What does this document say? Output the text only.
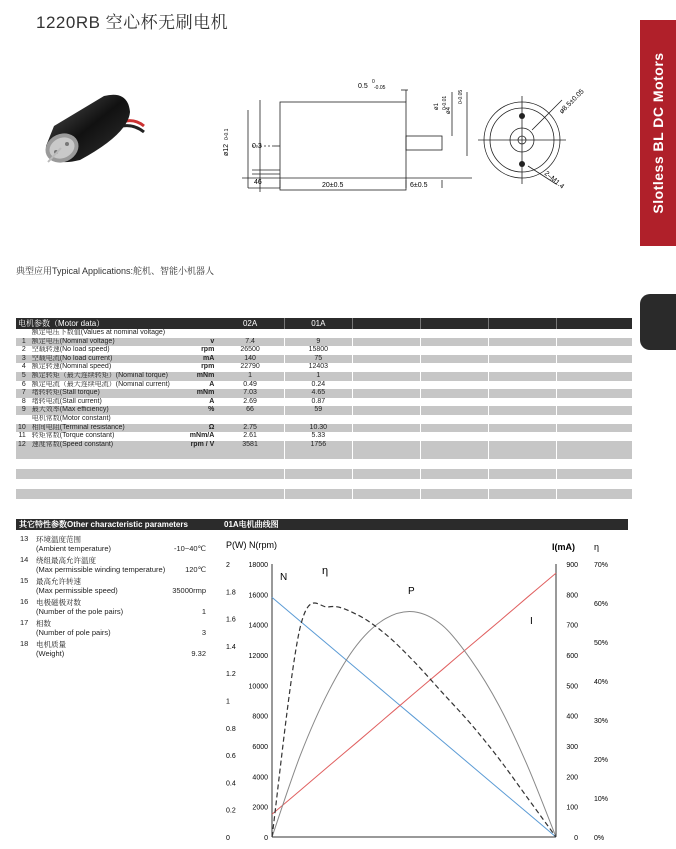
1220RB 空心杯无刷电机
Slotless BL DC Motors
0.5
0
-0.05
ø12
0-0.1
0.3
46	20±0.5	6±0.5
ø4
0-0.05
ø1 0-0.01	ø8.5±0.05
2–M1.4
典型应用Typical Applications:舵机、智能小机器人
电机参数（Motor data）			02A	01A				
	额定电压下数值(Values at nominal voltage)							
1	额定电压(Nominal voltage)	v	7.4	9				
2	空载转速(No load speed)	rpm	26500	15800				
3	空载电流(No load current)	mA	140	75				
4	额定转速(Nominal speed)	rpm	22790	12403				
5	额定转矩（最大连续转矩）(Nominal torque)	mNm	1	1				
6	额定电流（最大连续电流）(Nominal current)	A	0.49	0.24				
7	堵转转矩(Stall torque)	mNm	7.03	4.65				
8	堵转电流(Stall current)	A	2.69	0.87				
9	最大效率(Max efficiency)	%	66	59				
	电机常数(Motor constant)							
10	相间电阻(Terminal resistance)	Ω	2.75	10.30				
11	转矩常数(Torque constant)	mNm/A	2.61	5.33				
12	速度常数(Speed constant)	rpm / V	3581	1756				

其它特性参数Other characteristic parameters	01A电机曲线图
13 环境温度范围
(Ambient temperature)	-10~40℃
14 绕组最高允许温度
(Max permissible winding temperature)	120℃
15 最高允许转速
(Max permissible speed)	35000rmp
16 电极磁极对数
(Number of the pole pairs)	1
17 相数
(Number of pole pairs)	3
18 电机质量
(Weight)	9.32
P(W) N(rpm)	I(mA) η
0
0.2
0.4
0.6
0.8
1
1.2
1.4
1.6
1.8
2
0
2000
4000
6000
8000
10000
12000
14000
16000
18000
0
100
200
300
400
500
600
700
800
900
0%
10%
20%
30%
40%
50%
60%
70%
N
η
P
I
